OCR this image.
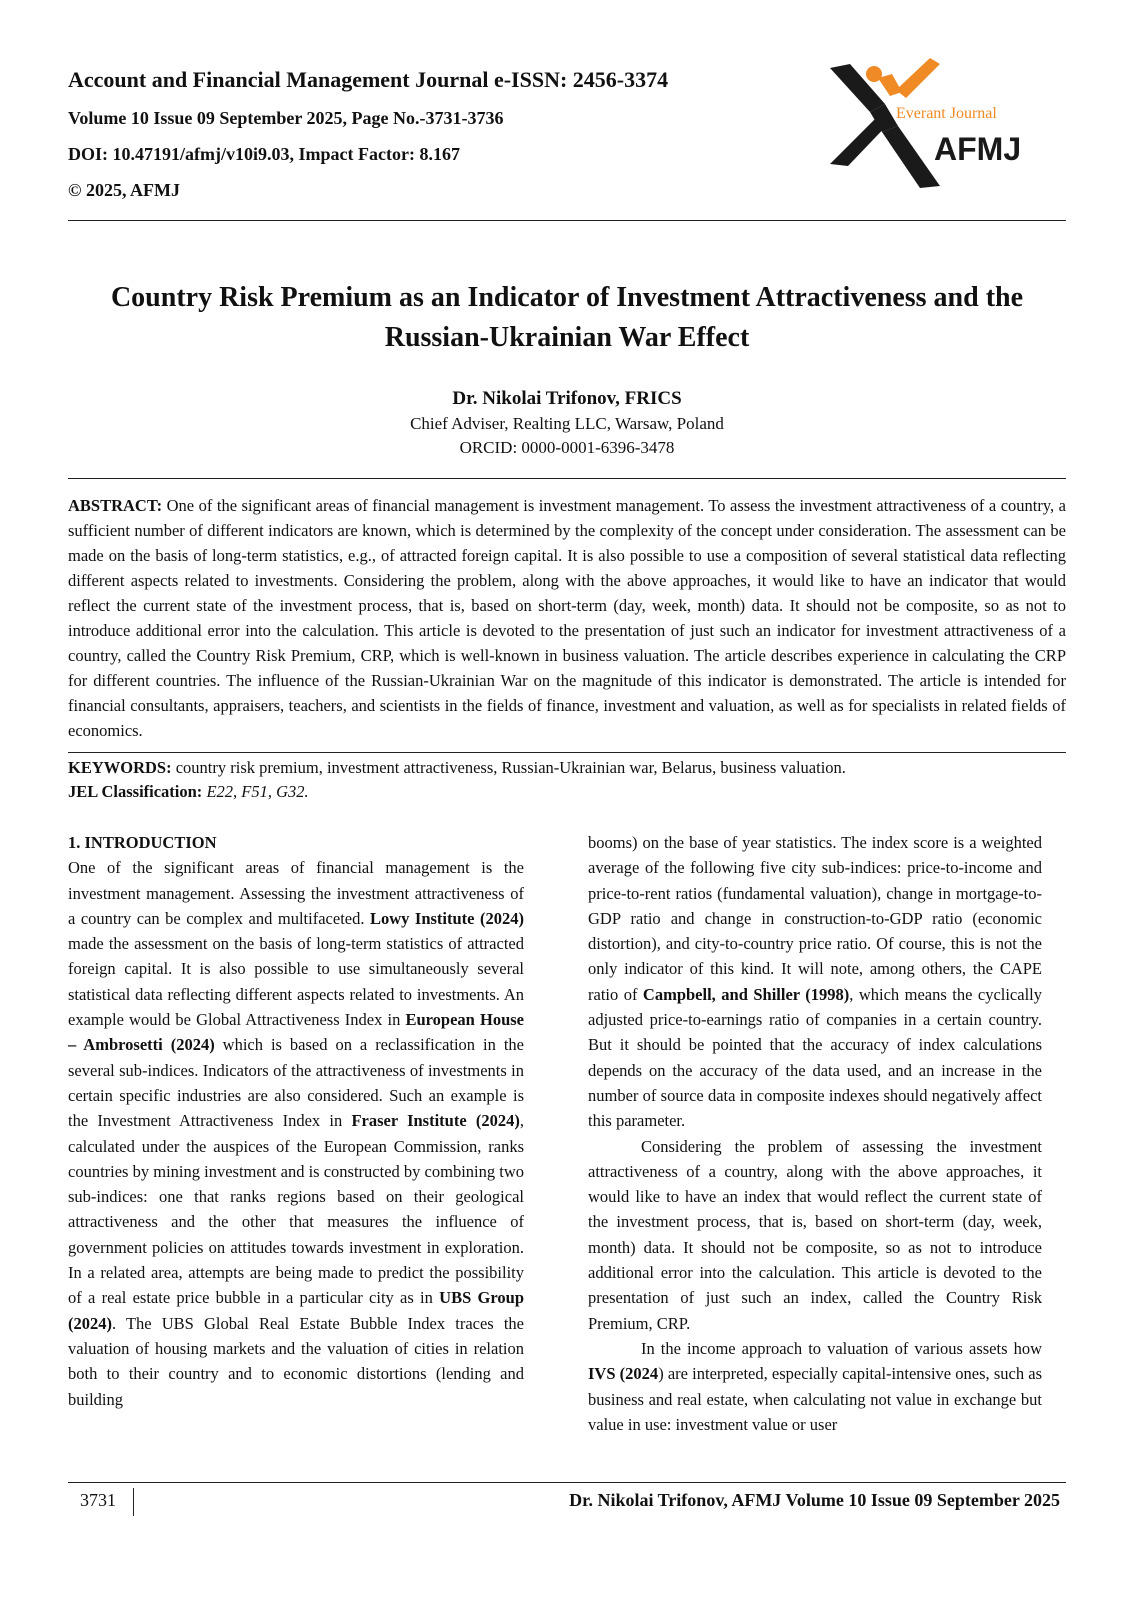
Account and Financial Management Journal e-ISSN: 2456-3374
Volume 10 Issue 09 September 2025, Page No.-3731-3736
DOI: 10.47191/afmj/v10i9.03, Impact Factor: 8.167
© 2025, AFMJ
Everant Journal
AFMJ
Country Risk Premium as an Indicator of Investment Attractiveness and the
Russian-Ukrainian War Effect
Dr. Nikolai Trifonov, FRICS
Chief Adviser, Realting LLC, Warsaw, Poland
ORCID: 0000-0001-6396-3478
ABSTRACT: One of the significant areas of financial management is investment management. To assess the investment attractiveness of a country, a sufficient number of different indicators are known, which is determined by the complexity of the concept under consideration. The assessment can be made on the basis of long-term statistics, e.g., of attracted foreign capital. It is also possible to use a composition of several statistical data reflecting different aspects related to investments. Considering the problem, along with the above approaches, it would like to have an indicator that would reflect the current state of the investment process, that is, based on short-term (day, week, month) data. It should not be composite, so as not to introduce additional error into the calculation. This article is devoted to the presentation of just such an indicator for investment attractiveness of a country, called the Country Risk Premium, CRP, which is well-known in business valuation. The article describes experience in calculating the CRP for different countries. The influence of the Russian-Ukrainian War on the magnitude of this indicator is demonstrated. The article is intended for financial consultants, appraisers, teachers, and scientists in the fields of finance, investment and valuation, as well as for specialists in related fields of economics.
KEYWORDS: country risk premium, investment attractiveness, Russian-Ukrainian war, Belarus, business valuation.
JEL Classification: E22, F51, G32.

1. INTRODUCTION

One of the significant areas of financial management is the investment management. Assessing the investment attractiveness of a country can be complex and multifaceted. Lowy Institute (2024) made the assessment on the basis of long-term statistics of attracted foreign capital. It is also possible to use simultaneously several statistical data reflecting different aspects related to investments. An example would be Global Attractiveness Index in European House – Ambrosetti (2024) which is based on a reclassification in the several sub-indices. Indicators of the attractiveness of investments in certain specific industries are also considered. Such an example is the Investment Attractiveness Index in Fraser Institute (2024), calculated under the auspices of the European Commission, ranks countries by mining investment and is constructed by combining two sub-indices: one that ranks regions based on their geological attractiveness and the other that measures the influence of government policies on attitudes towards investment in exploration. In a related area, attempts are being made to predict the possibility of a real estate price bubble in a particular city as in UBS Group (2024). The UBS Global Real Estate Bubble Index traces the valuation of housing markets and the valuation of cities in relation both to their country and to economic distortions (lending and building

booms) on the base of year statistics. The index score is a weighted average of the following five city sub-indices: price-to-income and price-to-rent ratios (fundamental valuation), change in mortgage-to-GDP ratio and change in construction-to-GDP ratio (economic distortion), and city-to-country price ratio. Of course, this is not the only indicator of this kind. It will note, among others, the CAPE ratio of Campbell, and Shiller (1998), which means the cyclically adjusted price-to-earnings ratio of companies in a certain country. But it should be pointed that the accuracy of index calculations depends on the accuracy of the data used, and an increase in the number of source data in composite indexes should negatively affect this parameter.

Considering the problem of assessing the investment attractiveness of a country, along with the above approaches, it would like to have an index that would reflect the current state of the investment process, that is, based on short-term (day, week, month) data. It should not be composite, so as not to introduce additional error into the calculation. This article is devoted to the presentation of just such an index, called the Country Risk Premium, CRP.

In the income approach to valuation of various assets how IVS (2024) are interpreted, especially capital-intensive ones, such as business and real estate, when calculating not value in exchange but value in use: investment value or user

3731	Dr. Nikolai Trifonov, AFMJ Volume 10 Issue 09 September 2025
